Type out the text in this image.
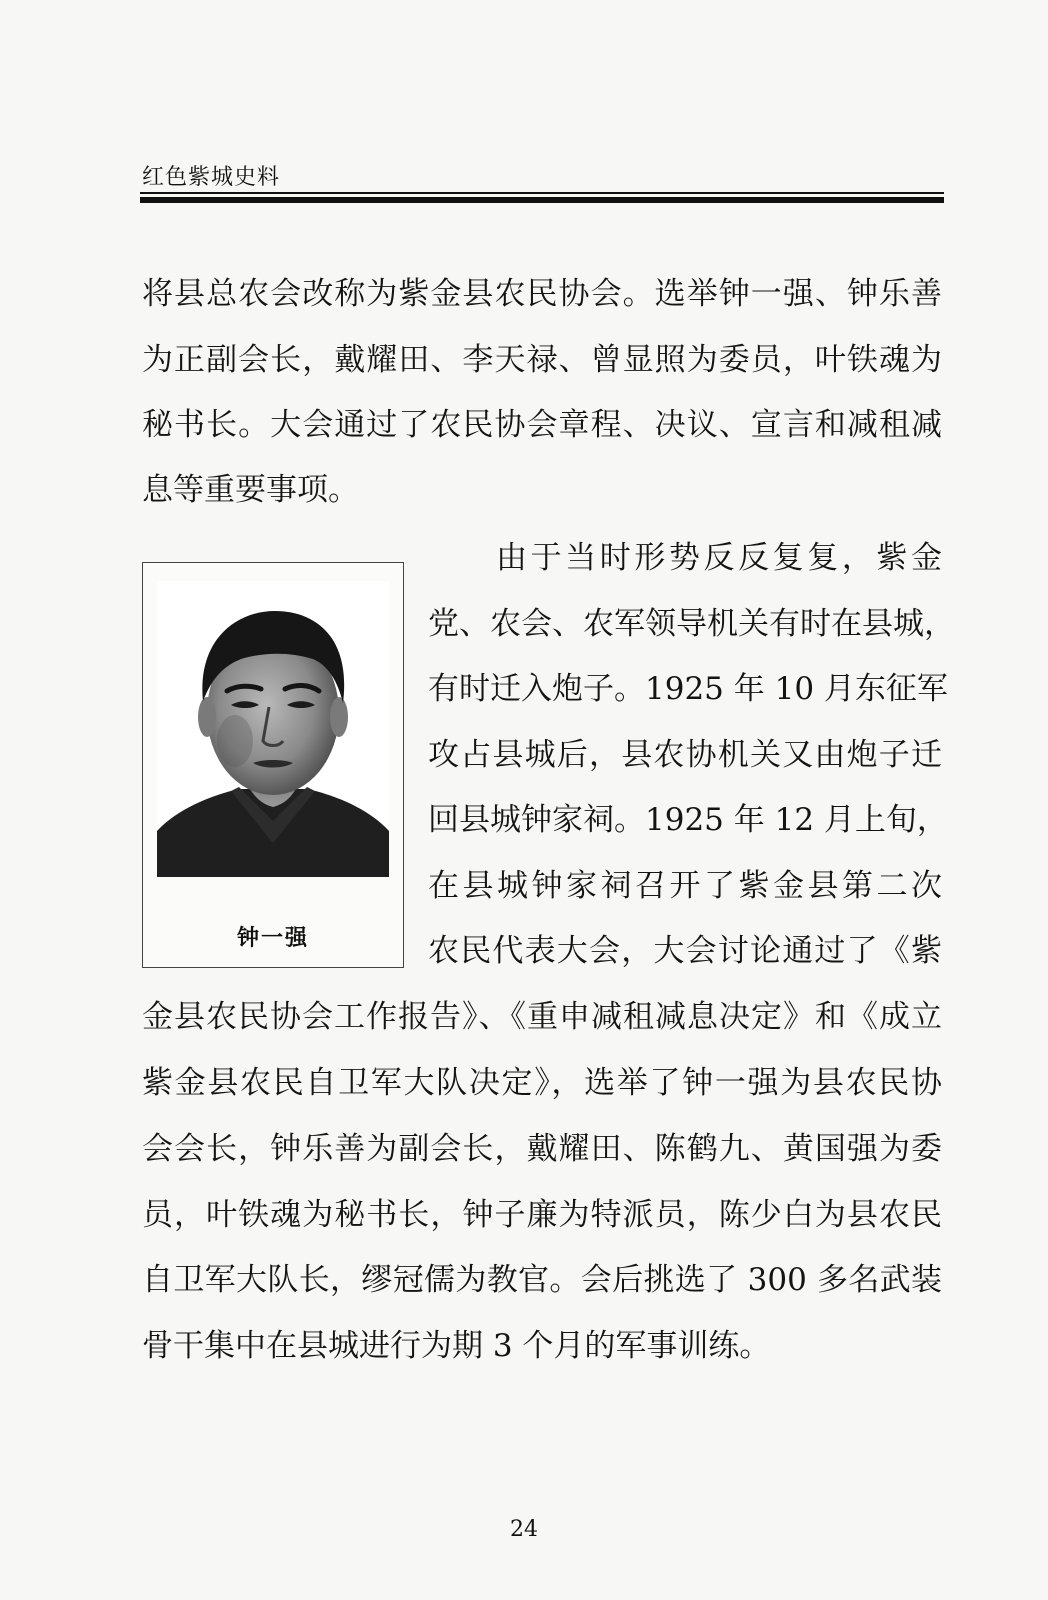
红色紫城史料
将县总农会改称为紫金县农民协会。选举钟一强、钟乐善
为正副会长，戴耀田、李天禄、曾显照为委员，叶铁魂为
秘书长。大会通过了农民协会章程、决议、宣言和减租减
息等重要事项。
钟一强
由于当时形势反反复复，紫金
党、农会、农军领导机关有时在县城，
有时迁入炮子。1925 年 10 月东征军
攻占县城后，县农协机关又由炮子迁
回县城钟家祠。1925 年 12 月上旬，
在县城钟家祠召开了紫金县第二次
农民代表大会，大会讨论通过了《紫
金县农民协会工作报告》、《重申减租减息决定》和《成立
紫金县农民自卫军大队决定》，选举了钟一强为县农民协
会会长，钟乐善为副会长，戴耀田、陈鹤九、黄国强为委
员，叶铁魂为秘书长，钟子廉为特派员，陈少白为县农民
自卫军大队长，缪冠儒为教官。会后挑选了 300 多名武装
骨干集中在县城进行为期 3 个月的军事训练。
24
